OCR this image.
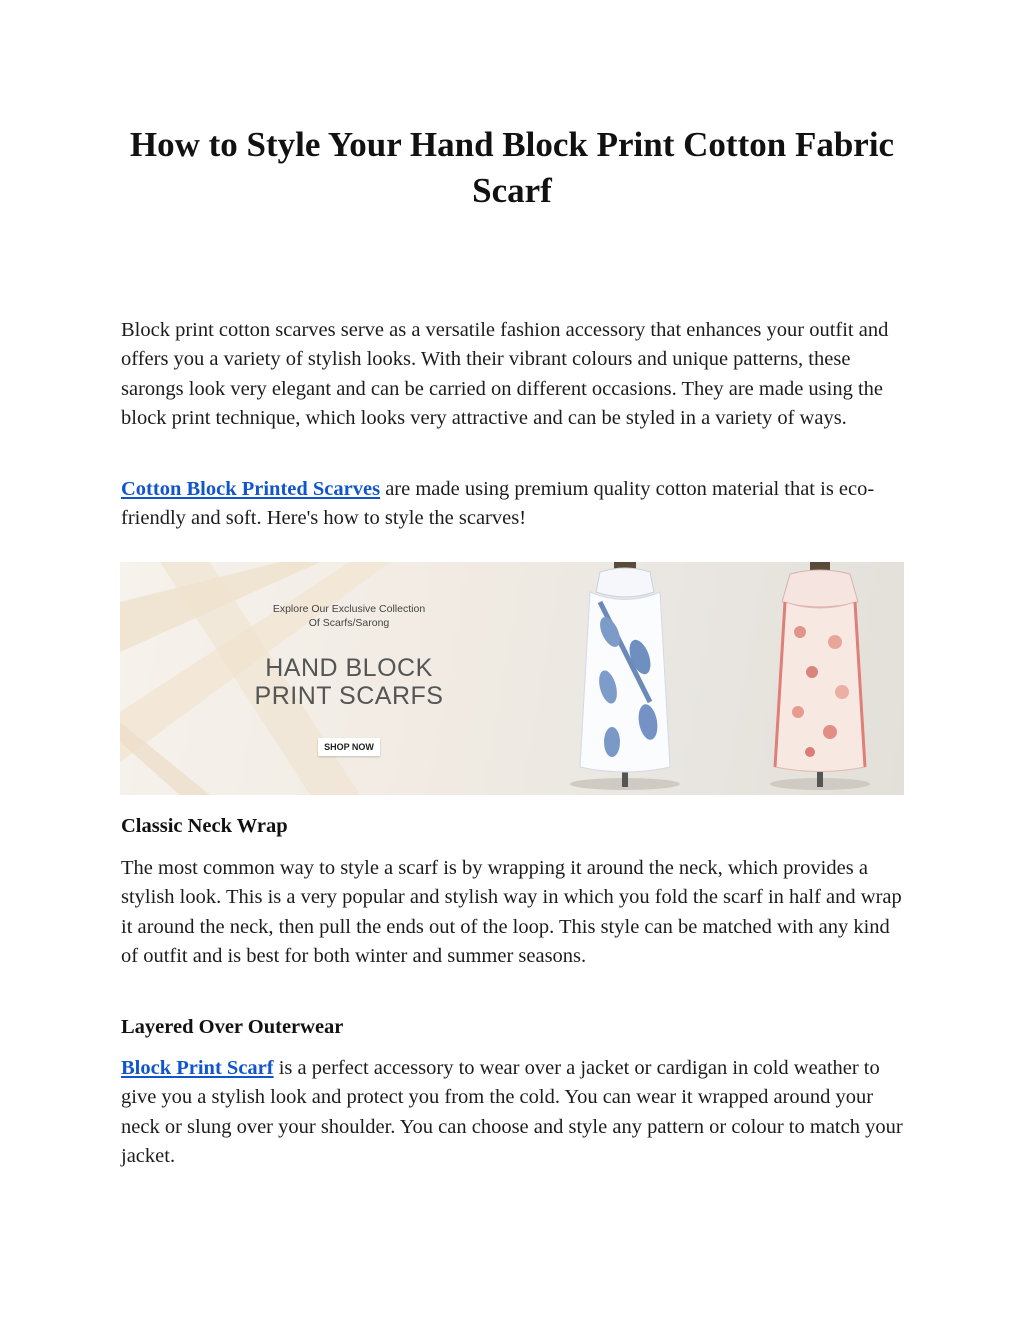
How to Style Your Hand Block Print Cotton Fabric Scarf

Block print cotton scarves serve as a versatile fashion accessory that enhances your outfit and offers you a variety of stylish looks. With their vibrant colours and unique patterns, these sarongs look very elegant and can be carried on different occasions. They are made using the block print technique, which looks very attractive and can be styled in a variety of ways.

Cotton Block Printed Scarves are made using premium quality cotton material that is eco-friendly and soft. Here's how to style the scarves!

Explore Our Exclusive Collection
Of Scarfs/Sarong
HAND BLOCK
PRINT SCARFS
SHOP NOW
Classic Neck Wrap

The most common way to style a scarf is by wrapping it around the neck, which provides a stylish look. This is a very popular and stylish way in which you fold the scarf in half and wrap it around the neck, then pull the ends out of the loop. This style can be matched with any kind of outfit and is best for both winter and summer seasons.

Layered Over Outerwear

Block Print Scarf is a perfect accessory to wear over a jacket or cardigan in cold weather to give you a stylish look and protect you from the cold. You can wear it wrapped around your neck or slung over your shoulder. You can choose and style any pattern or colour to match your jacket.
